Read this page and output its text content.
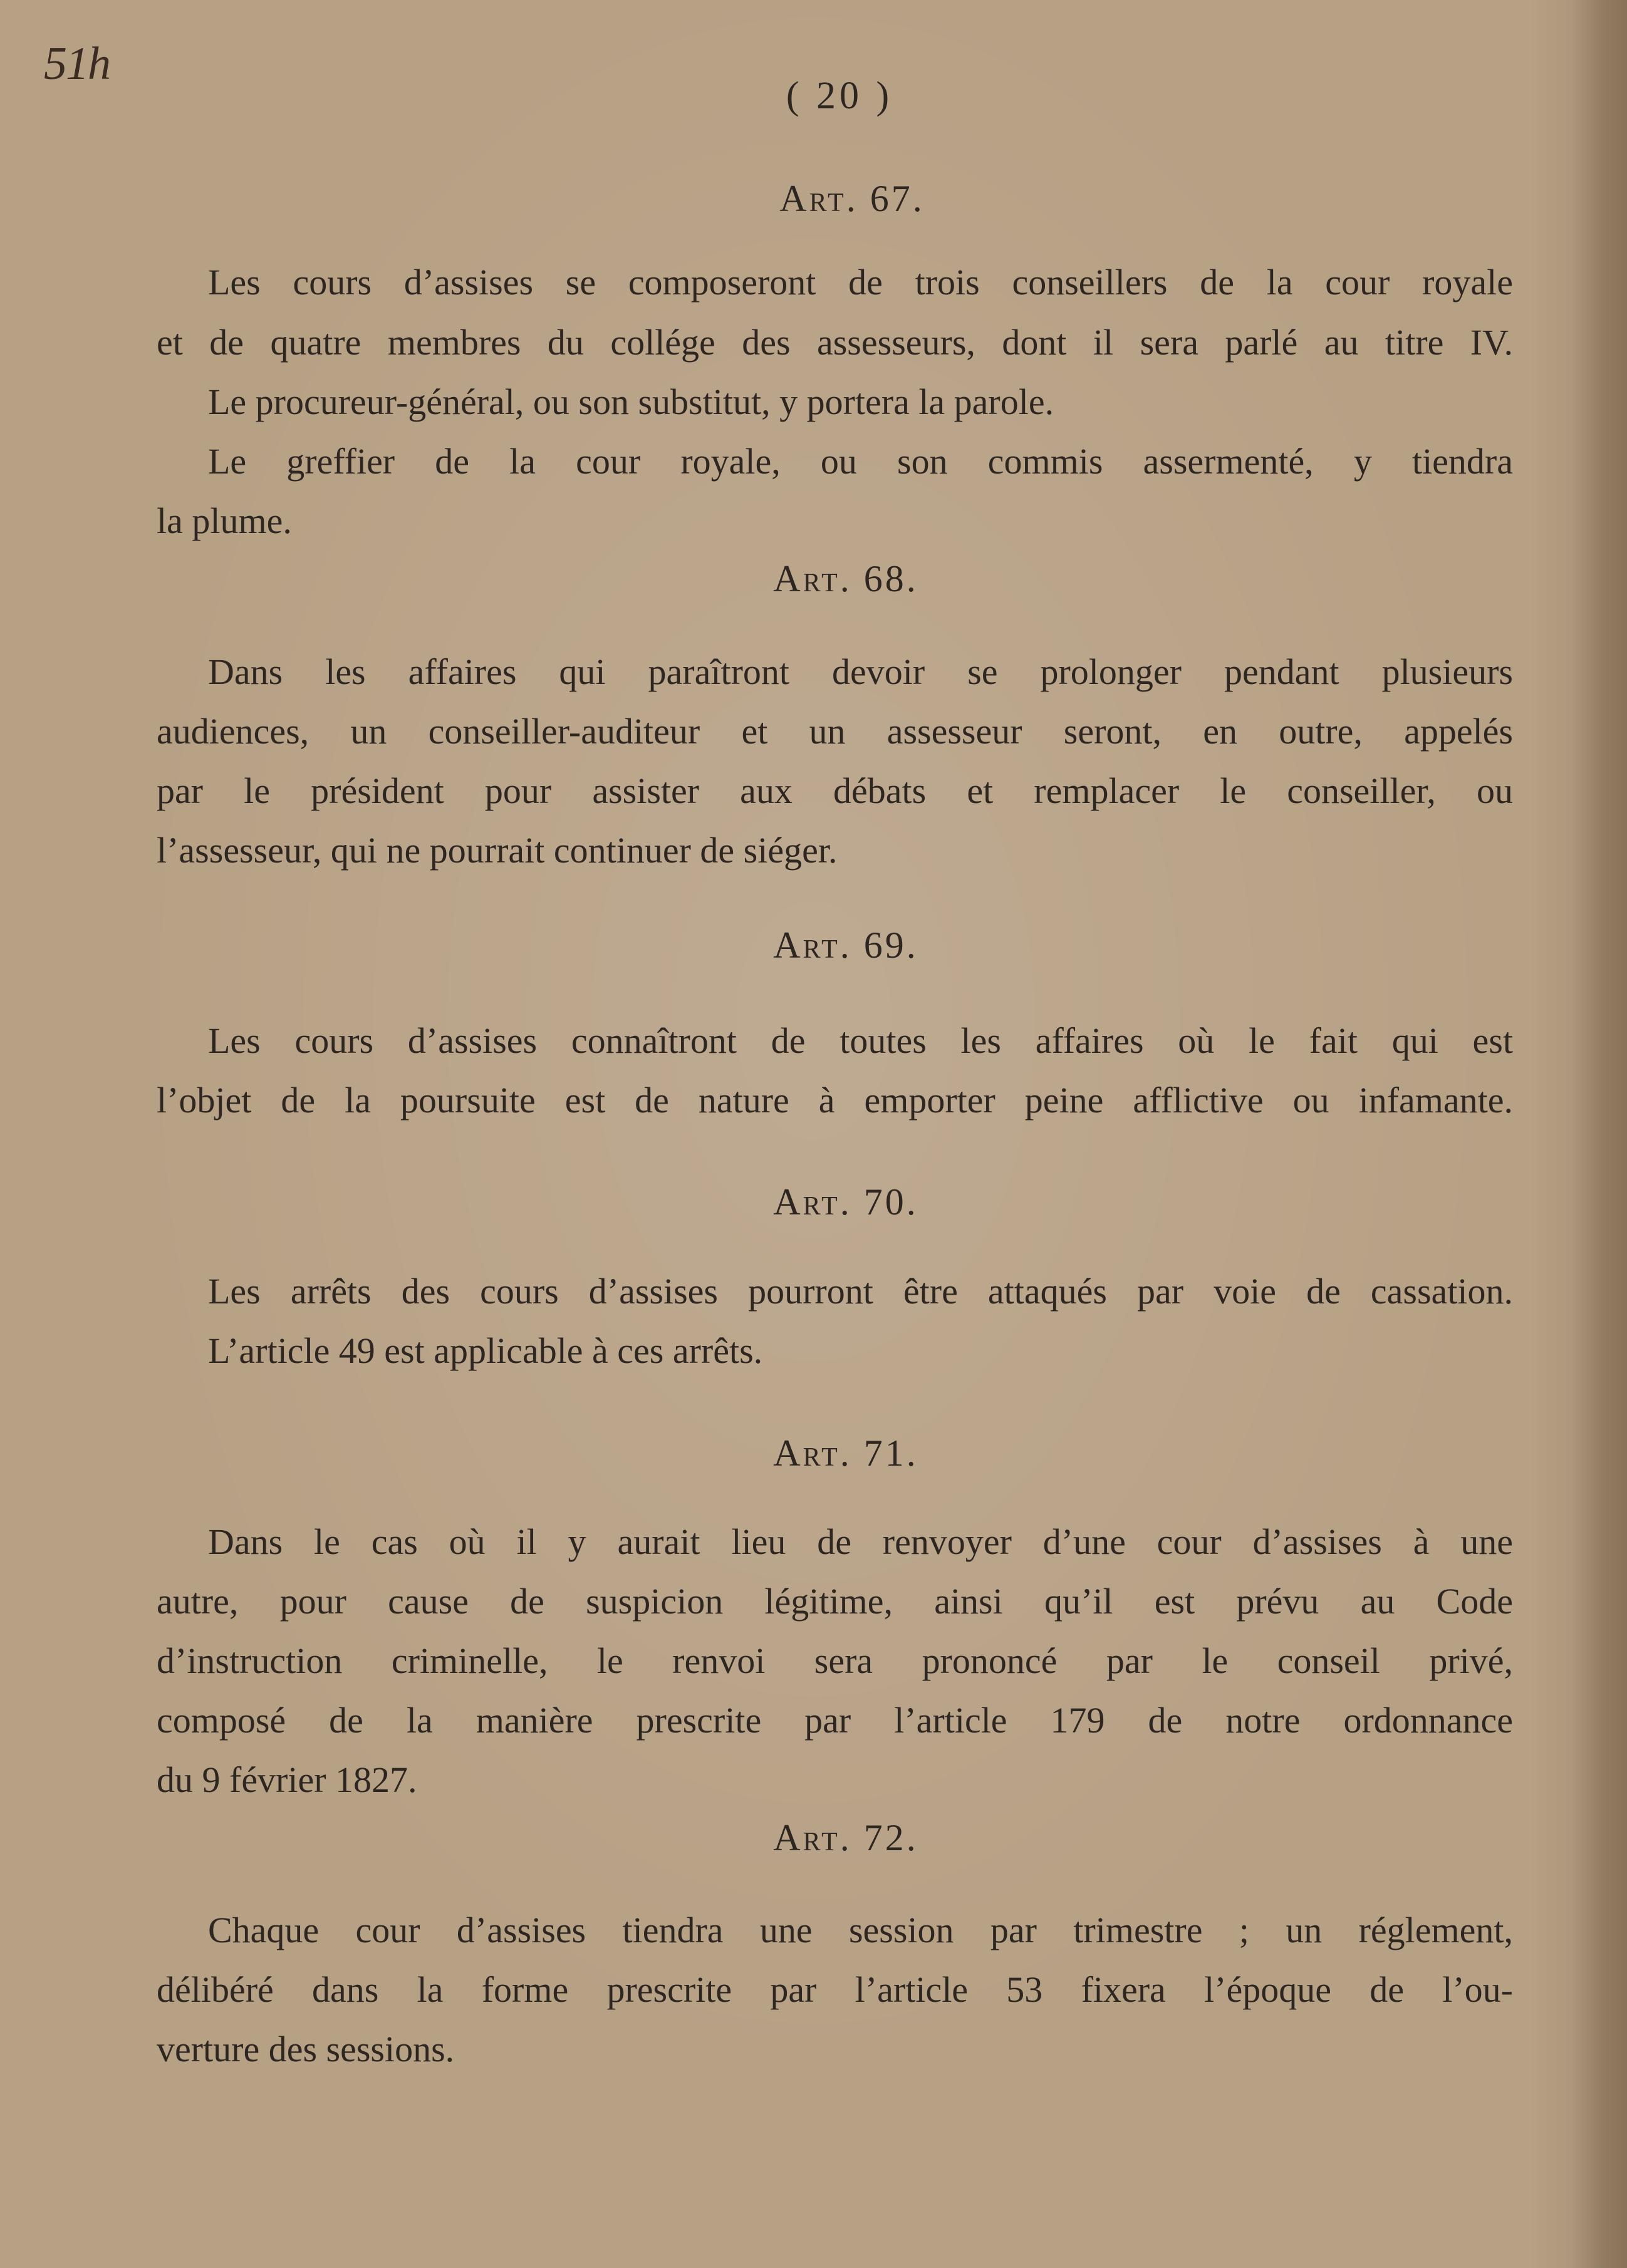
51h
( 20 )
Art. 67.
Les cours d’assises se composeront de trois conseillers de la cour royale
et de quatre membres du collége des assesseurs, dont il sera parlé au titre IV.
Le procureur-général, ou son substitut, y portera la parole.
Le greffier de la cour royale, ou son commis assermenté, y tiendra
la plume.
Art. 68.
Dans les affaires qui paraîtront devoir se prolonger pendant plusieurs
audiences, un conseiller-auditeur et un assesseur seront, en outre, appelés
par le président pour assister aux débats et remplacer le conseiller, ou
l’assesseur, qui ne pourrait continuer de siéger.
Art. 69.
Les cours d’assises connaîtront de toutes les affaires où le fait qui est
l’objet de la poursuite est de nature à emporter peine afflictive ou infamante.
Art. 70.
Les arrêts des cours d’assises pourront être attaqués par voie de cassation.
L’article 49 est applicable à ces arrêts.
Art. 71.
Dans le cas où il y aurait lieu de renvoyer d’une cour d’assises à une
autre, pour cause de suspicion légitime, ainsi qu’il est prévu au Code
d’instruction criminelle, le renvoi sera prononcé par le conseil privé,
composé de la manière prescrite par l’article 179 de notre ordonnance
du 9 février 1827.
Art. 72.
Chaque cour d’assises tiendra une session par trimestre ; un réglement,
délibéré dans la forme prescrite par l’article 53 fixera l’époque de l’ou-
verture des sessions.
